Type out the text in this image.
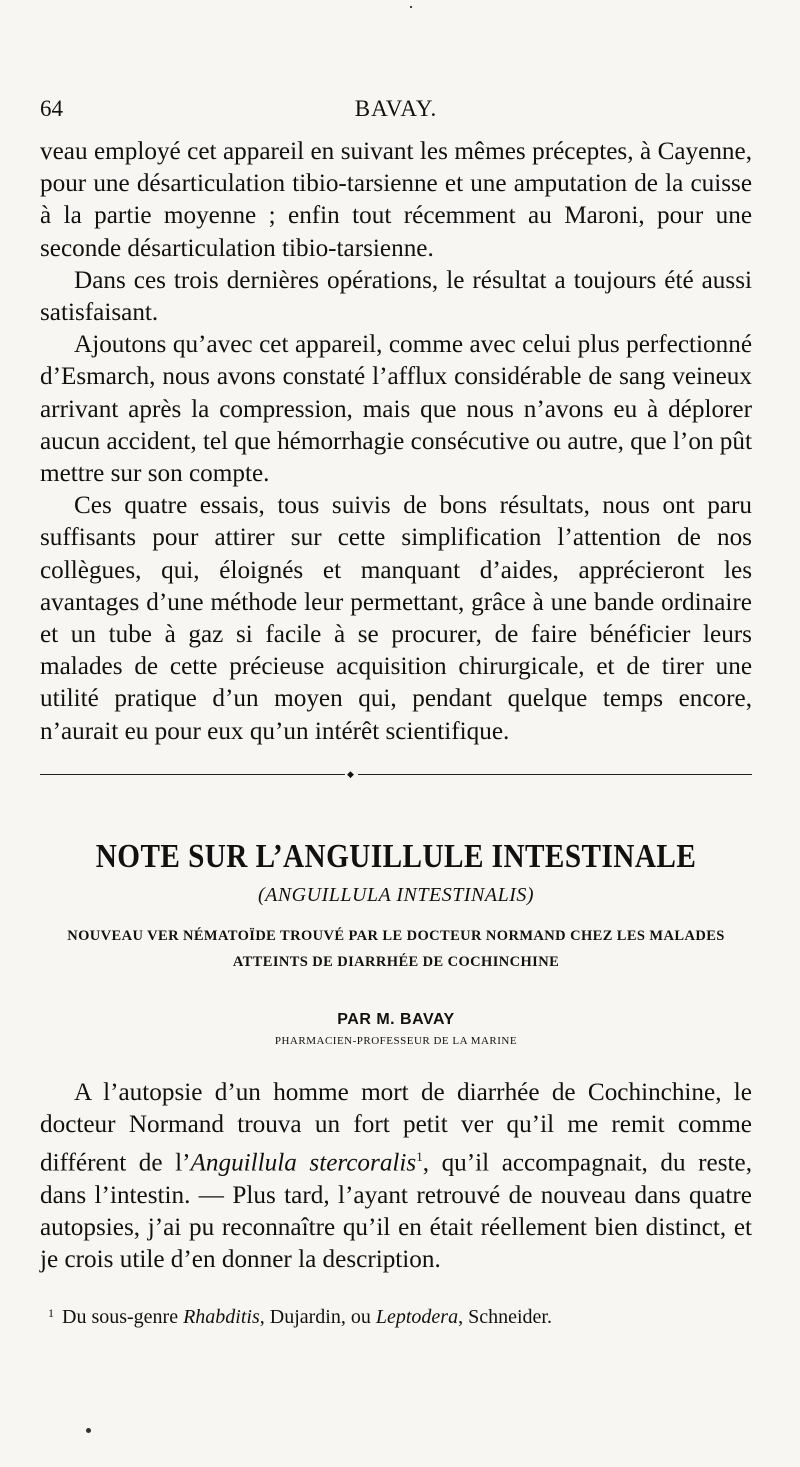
64	BAVAY.

veau employé cet appareil en suivant les mêmes préceptes, à Cayenne, pour une désarticulation tibio-tarsienne et une amputation de la cuisse à la partie moyenne ; enfin tout récemment au Maroni, pour une seconde désarticulation tibio-tarsienne.

Dans ces trois dernières opérations, le résultat a toujours été aussi satisfaisant.

Ajoutons qu’avec cet appareil, comme avec celui plus perfectionné d’Esmarch, nous avons constaté l’afflux considérable de sang veineux arrivant après la compression, mais que nous n’avons eu à déplorer aucun accident, tel que hémorrhagie consécutive ou autre, que l’on pût mettre sur son compte.

Ces quatre essais, tous suivis de bons résultats, nous ont paru suffisants pour attirer sur cette simplification l’attention de nos collègues, qui, éloignés et manquant d’aides, apprécieront les avantages d’une méthode leur permettant, grâce à une bande ordinaire et un tube à gaz si facile à se procurer, de faire bénéficier leurs malades de cette précieuse acquisition chirurgicale, et de tirer une utilité pratique d’un moyen qui, pendant quelque temps encore, n’aurait eu pour eux qu’un intérêt scientifique.

◆
NOTE SUR L’ANGUILLULE INTESTINALE
(ANGUILLULA INTESTINALIS)
NOUVEAU VER NÉMATOÏDE TROUVÉ PAR LE DOCTEUR NORMAND CHEZ LES MALADES
ATTEINTS DE DIARRHÉE DE COCHINCHINE
PAR M. BAVAY
PHARMACIEN-PROFESSEUR DE LA MARINE

A l’autopsie d’un homme mort de diarrhée de Cochinchine, le docteur Normand trouva un fort petit ver qu’il me remit comme différent de l’Anguillula stercoralis$^1$, qu’il accompagnait, du reste, dans l’intestin. — Plus tard, l’ayant retrouvé de nouveau dans quatre autopsies, j’ai pu reconnaître qu’il en était réellement bien distinct, et je crois utile d’en donner la description.

$^1$ Du sous-genre Rhabditis, Dujardin, ou Leptodera, Schneider.
